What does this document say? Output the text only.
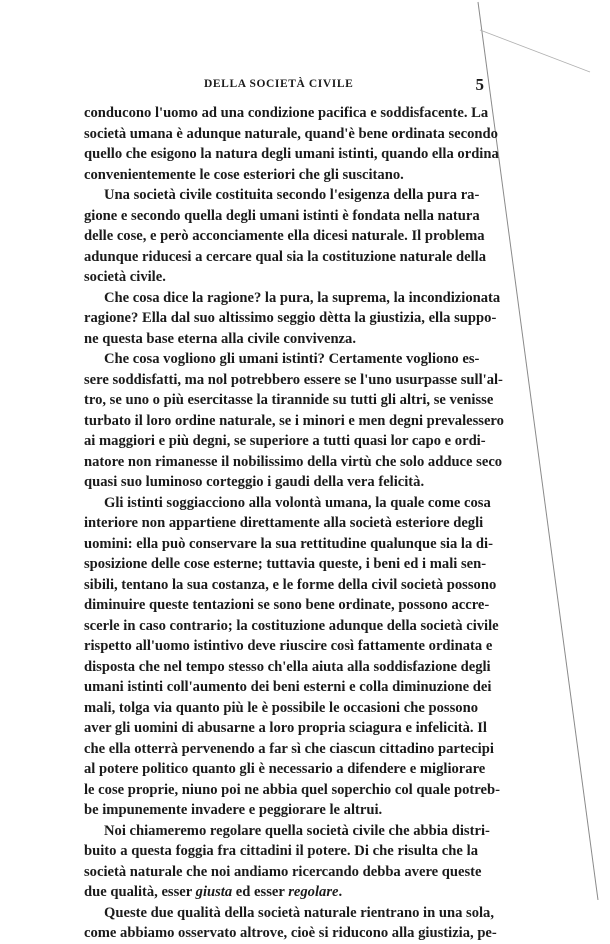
DELLA SOCIETÀ CIVILE	5
conducono l'uomo ad una condizione pacifica e soddisfacente. La
società umana è adunque naturale, quand'è bene ordinata secondo
quello che esigono la natura degli umani istinti, quando ella ordina
convenientemente le cose esteriori che gli suscitano.
Una società civile costituita secondo l'esigenza della pura ra-
gione e secondo quella degli umani istinti è fondata nella natura
delle cose, e però acconciamente ella dicesi naturale. Il problema
adunque riducesi a cercare qual sia la costituzione naturale della
società civile.
Che cosa dice la ragione? la pura, la suprema, la incondizionata
ragione? Ella dal suo altissimo seggio dètta la giustizia, ella suppo-
ne questa base eterna alla civile convivenza.
Che cosa vogliono gli umani istinti? Certamente vogliono es-
sere soddisfatti, ma nol potrebbero essere se l'uno usurpasse sull'al-
tro, se uno o più esercitasse la tirannide su tutti gli altri, se venisse
turbato il loro ordine naturale, se i minori e men degni prevalessero
ai maggiori e più degni, se superiore a tutti quasi lor capo e ordi-
natore non rimanesse il nobilissimo della virtù che solo adduce seco
quasi suo luminoso corteggio i gaudi della vera felicità.
Gli istinti soggiacciono alla volontà umana, la quale come cosa
interiore non appartiene direttamente alla società esteriore degli
uomini: ella può conservare la sua rettitudine qualunque sia la di-
sposizione delle cose esterne; tuttavia queste, i beni ed i mali sen-
sibili, tentano la sua costanza, e le forme della civil società possono
diminuire queste tentazioni se sono bene ordinate, possono accre-
scerle in caso contrario; la costituzione adunque della società civile
rispetto all'uomo istintivo deve riuscire così fattamente ordinata e
disposta che nel tempo stesso ch'ella aiuta alla soddisfazione degli
umani istinti coll'aumento dei beni esterni e colla diminuzione dei
mali, tolga via quanto più le è possibile le occasioni che possono
aver gli uomini di abusarne a loro propria sciagura e infelicità. Il
che ella otterrà pervenendo a far sì che ciascun cittadino partecipi
al potere politico quanto gli è necessario a difendere e migliorare
le cose proprie, niuno poi ne abbia quel soperchio col quale potreb-
be impunemente invadere e peggiorare le altrui.
Noi chiameremo regolare quella società civile che abbia distri-
buito a questa foggia fra cittadini il potere. Di che risulta che la
società naturale che noi andiamo ricercando debba avere queste
due qualità, esser giusta ed esser regolare.
Queste due qualità della società naturale rientrano in una sola,
come abbiamo osservato altrove, cioè si riducono alla giustizia, pe-
